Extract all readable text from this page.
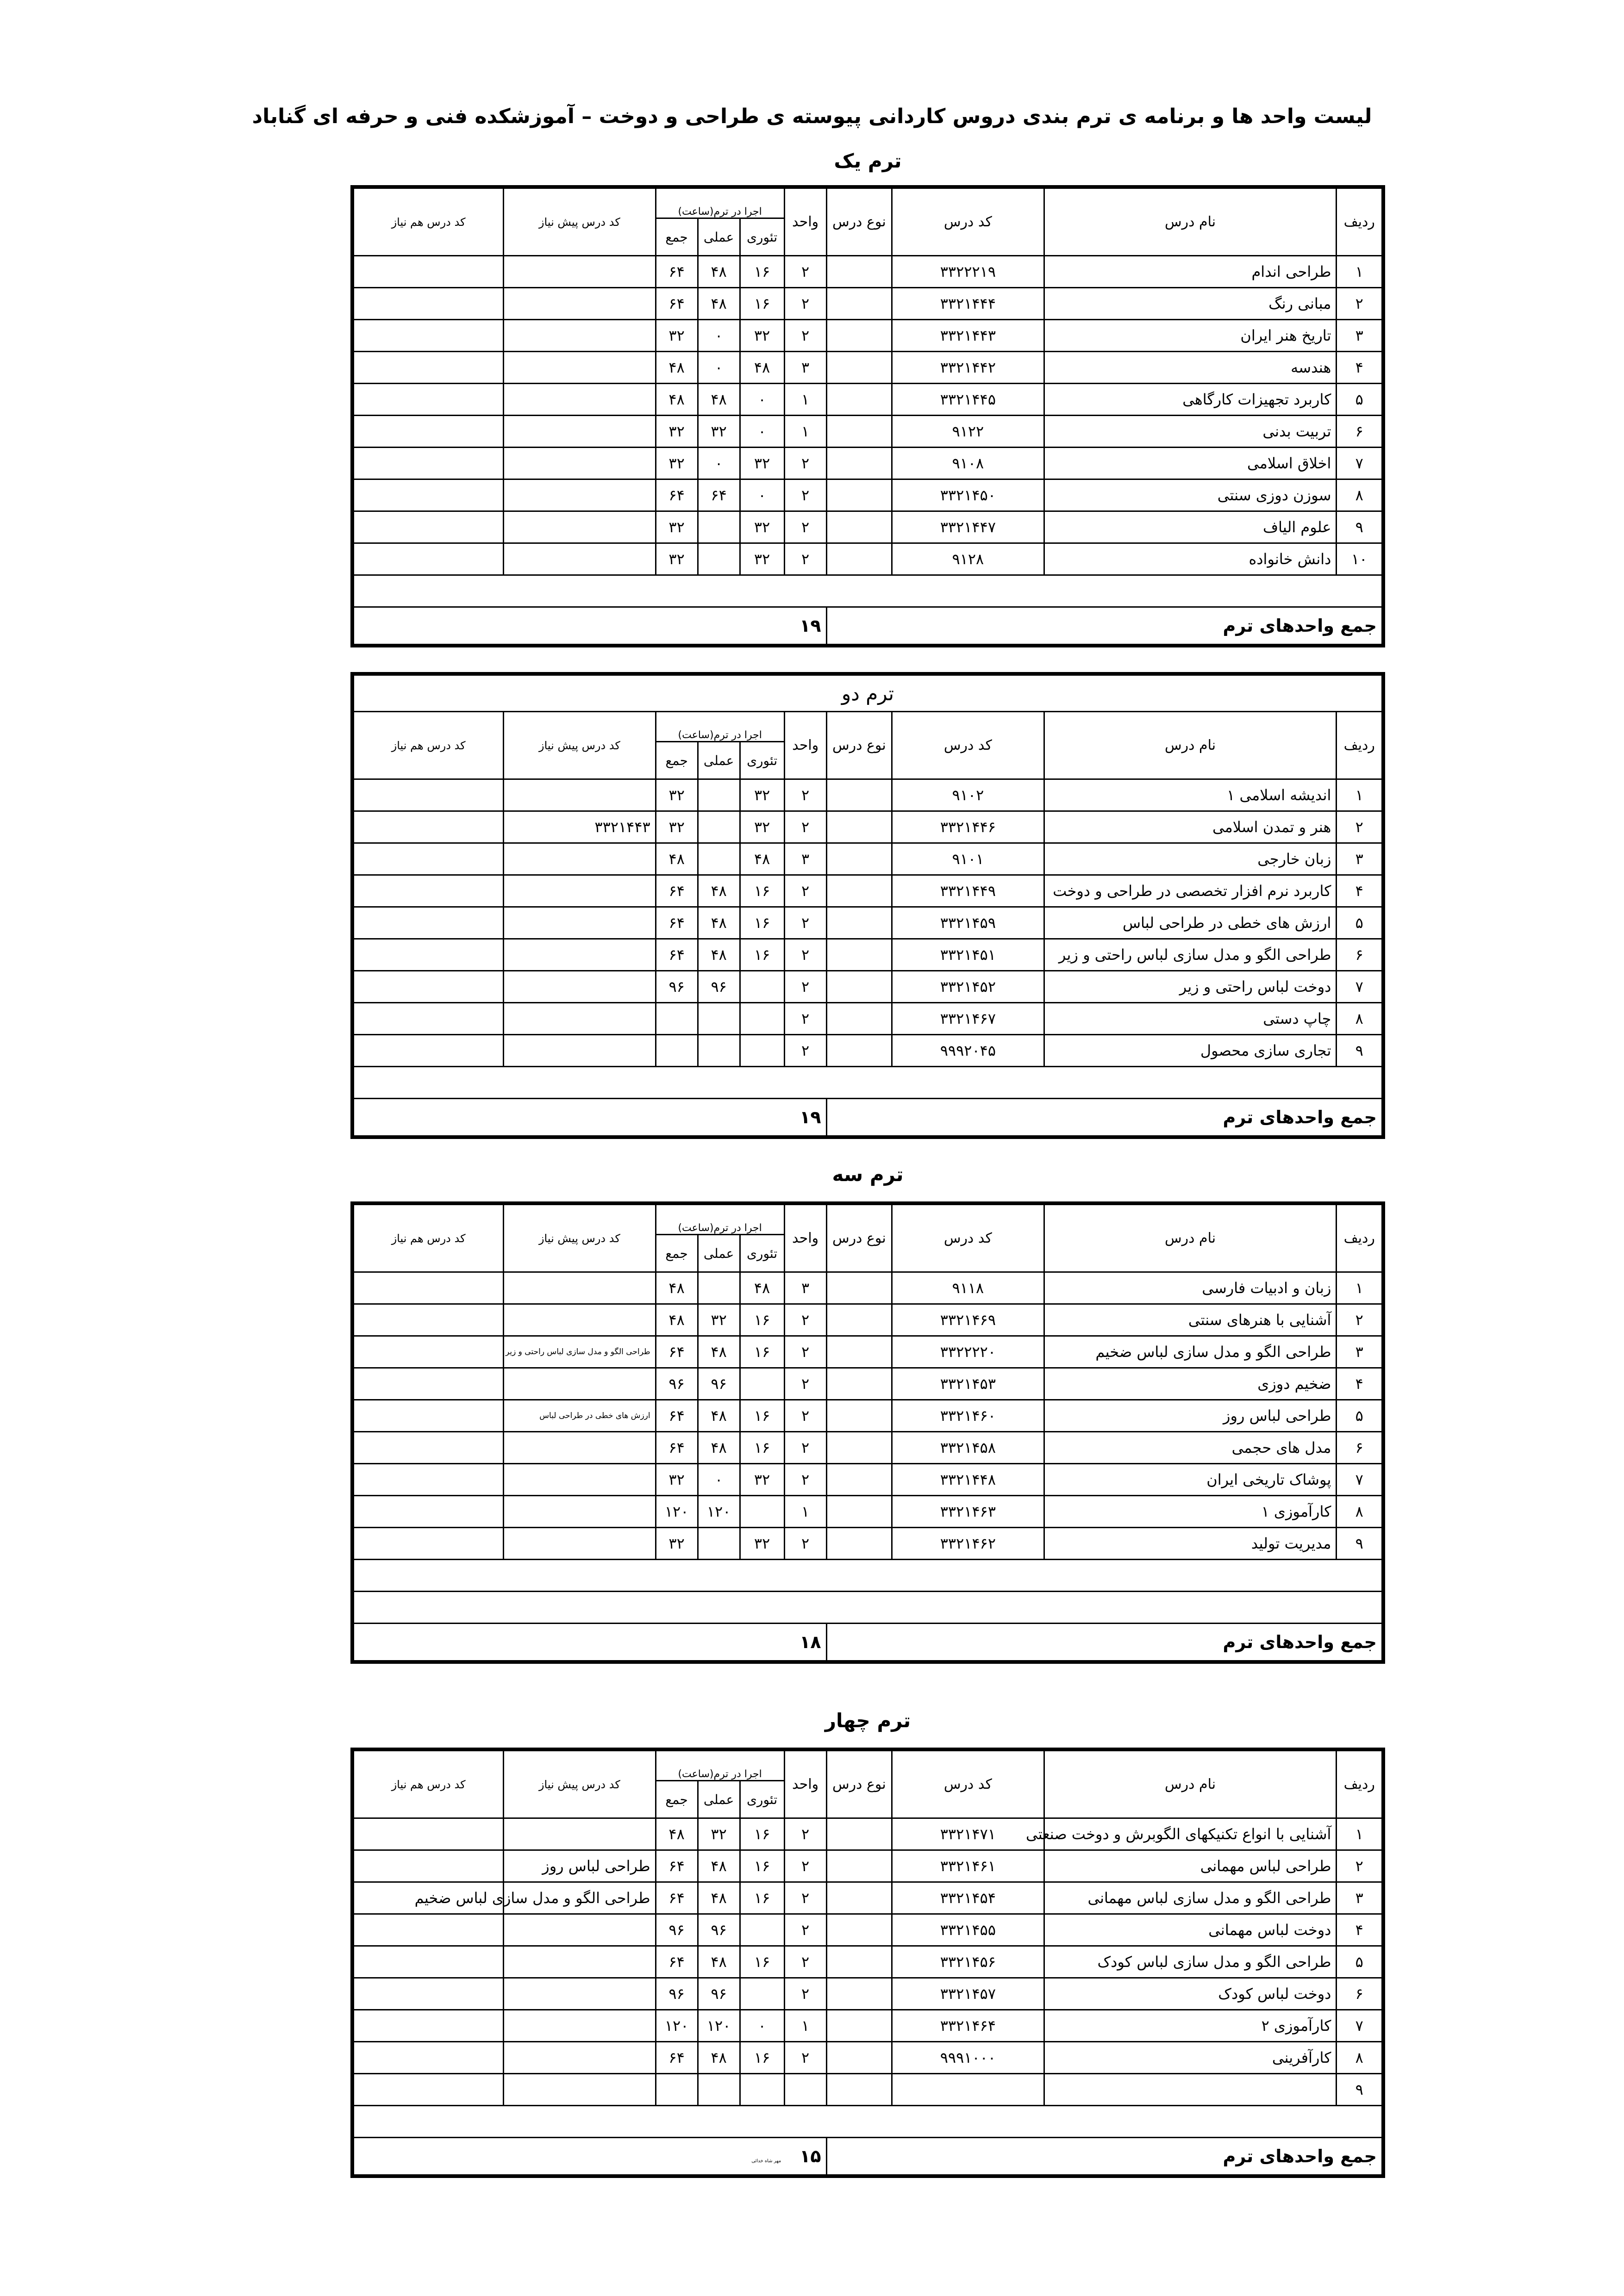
لیست واحد ها و برنامه ی ترم بندی دروس کاردانی پیوسته ی طراحی و دوخت – آموزشکده فنی و حرفه ای گناباد
ترم یک
ردیف	نام درس	کد درس	نوع درس	واحد	اجرا در ترم(ساعت)			کد درس پیش نیاز	کد درس هم نیاز
					تئوری	عملی	جمع		
۱	طراحی اندام	۳۳۲۲۲۱۹		۲	۱۶	۴۸	۶۴		
۲	مبانی رنگ	۳۳۲۱۴۴۴		۲	۱۶	۴۸	۶۴		
۳	تاریخ هنر ایران	۳۳۲۱۴۴۳		۲	۳۲	۰	۳۲		
۴	هندسه	۳۳۲۱۴۴۲		۳	۴۸	۰	۴۸		
۵	کاربرد تجهیزات کارگاهی	۳۳۲۱۴۴۵		۱	۰	۴۸	۴۸		
۶	تربیت بدنی	۹۱۲۲		۱	۰	۳۲	۳۲		
۷	اخلاق اسلامی	۹۱۰۸		۲	۳۲	۰	۳۲		
۸	سوزن دوزی سنتی	۳۳۲۱۴۵۰		۲	۰	۶۴	۶۴		
۹	علوم الیاف	۳۳۲۱۴۴۷		۲	۳۲		۳۲		
۱۰	دانش خانواده	۹۱۲۸		۲	۳۲		۳۲		

جمع واحدهای ترم				۱۹					
ترم دو									
ردیف	نام درس	کد درس	نوع درس	واحد	اجرا در ترم(ساعت)			کد درس پیش نیاز	کد درس هم نیاز
					تئوری	عملی	جمع		
۱	اندیشه اسلامی ۱	۹۱۰۲		۲	۳۲		۳۲		
۲	هنر و تمدن اسلامی	۳۳۲۱۴۴۶		۲	۳۲		۳۲	۳۳۲۱۴۴۳	
۳	زبان خارجی	۹۱۰۱		۳	۴۸		۴۸		
۴	کاربرد نرم افزار تخصصی در طراحی و دوخت	۳۳۲۱۴۴۹		۲	۱۶	۴۸	۶۴		
۵	ارزش های خطی در طراحی لباس	۳۳۲۱۴۵۹		۲	۱۶	۴۸	۶۴		
۶	طراحی الگو و مدل سازی لباس راحتی و زیر	۳۳۲۱۴۵۱		۲	۱۶	۴۸	۶۴		
۷	دوخت لباس راحتی و زیر	۳۳۲۱۴۵۲		۲		۹۶	۹۶		
۸	چاپ دستی	۳۳۲۱۴۶۷		۲					
۹	تجاری سازی محصول	۹۹۹۲۰۴۵		۲					

جمع واحدهای ترم				۱۹					
ترم سه
ردیف	نام درس	کد درس	نوع درس	واحد	اجرا در ترم(ساعت)			کد درس پیش نیاز	کد درس هم نیاز
					تئوری	عملی	جمع		
۱	زبان و ادبیات فارسی	۹۱۱۸		۳	۴۸		۴۸		
۲	آشنایی با هنرهای سنتی	۳۳۲۱۴۶۹		۲	۱۶	۳۲	۴۸		
۳	طراحی الگو و مدل سازی لباس ضخیم	۳۳۲۲۲۲۰		۲	۱۶	۴۸	۶۴	طراحی الگو و مدل سازی لباس راحتی و زیر	
۴	ضخیم دوزی	۳۳۲۱۴۵۳		۲		۹۶	۹۶		
۵	طراحی لباس روز	۳۳۲۱۴۶۰		۲	۱۶	۴۸	۶۴	ارزش های خطی در طراحی لباس	
۶	مدل های حجمی	۳۳۲۱۴۵۸		۲	۱۶	۴۸	۶۴		
۷	پوشاک تاریخی ایران	۳۳۲۱۴۴۸		۲	۳۲	۰	۳۲		
۸	کارآموزی ۱	۳۳۲۱۴۶۳		۱		۱۲۰	۱۲۰		
۹	مدیریت تولید	۳۳۲۱۴۶۲		۲	۳۲		۳۲		

جمع واحدهای ترم				۱۸					
ترم چهار
ردیف	نام درس	کد درس	نوع درس	واحد	اجرا در ترم(ساعت)			کد درس پیش نیاز	کد درس هم نیاز
					تئوری	عملی	جمع		
۱	آشنایی با انواع تکنیکهای الگوبرش و دوخت صنعتی	۳۳۲۱۴۷۱		۲	۱۶	۳۲	۴۸		
۲	طراحی لباس مهمانی	۳۳۲۱۴۶۱		۲	۱۶	۴۸	۶۴	طراحی لباس روز	
۳	طراحی الگو و مدل سازی لباس مهمانی	۳۳۲۱۴۵۴		۲	۱۶	۴۸	۶۴	طراحی الگو و مدل سازی لباس ضخیم	
۴	دوخت لباس مهمانی	۳۳۲۱۴۵۵		۲		۹۶	۹۶		
۵	طراحی الگو و مدل سازی لباس کودک	۳۳۲۱۴۵۶		۲	۱۶	۴۸	۶۴		
۶	دوخت لباس کودک	۳۳۲۱۴۵۷		۲		۹۶	۹۶		
۷	کارآموزی ۲	۳۳۲۱۴۶۴		۱	۰	۱۲۰	۱۲۰		
۸	کارآفرینی	۹۹۹۱۰۰۰		۲	۱۶	۴۸	۶۴		
۹									

جمع واحدهای ترم				۱۵مهر شاه خدائی					
